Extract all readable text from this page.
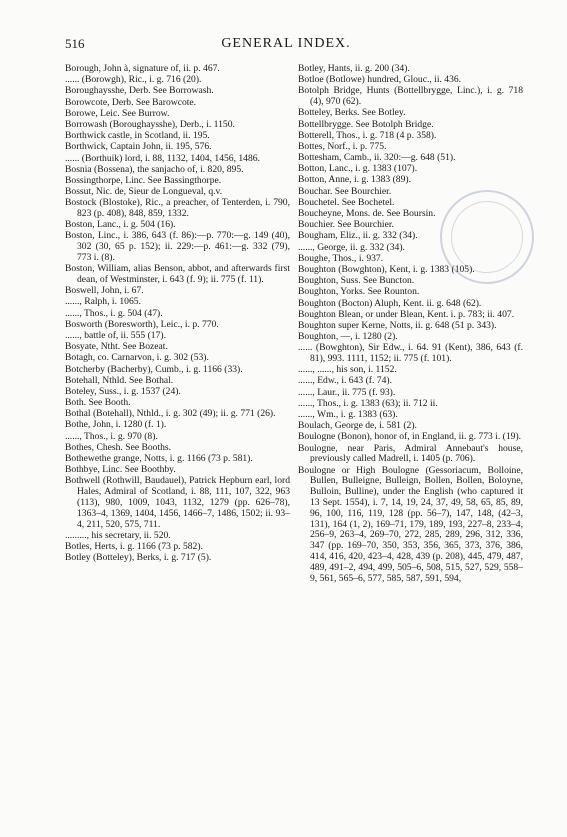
516	GENERAL INDEX.

Borough, John à, signature of, ii. p. 467.

...... (Borowgh), Ric., i. g. 716 (20).

Boroughaysshe, Derb. See Borrowash.

Borowcote, Derb. See Barowcote.

Borowe, Leic. See Burrow.

Borrowash (Boroughaysshe), Derb., i. 1150.

Borthwick castle, in Scotland, ii. 195.

Borthwick, Captain John, ii. 195, 576.

...... (Borthuik) lord, i. 88, 1132, 1404, 1456, 1486.

Bosnia (Bossena), the sanjacho of, i. 820, 895.

Bossingthorpe, Linc. See Bassingthorpe.

Bossut, Nic. de, Sieur de Longueval, q.v.

Bostock (Blostoke), Ric., a preacher, of Tenterden, i. 790, 823 (p. 408), 848, 859, 1332.

Boston, Lanc., i. g. 504 (16).

Boston, Linc., i. 386, 643 (f. 86):—p. 770:—g. 149 (40), 302 (30, 65 p. 152); ii. 229:—p. 461:—g. 332 (79), 773 i. (8).

Boston, William, alias Benson, abbot, and afterwards first dean, of Westminster, i. 643 (f. 9); ii. 775 (f. 11).

Boswell, John, i. 67.

......, Ralph, i. 1065.

......, Thos., i. g. 504 (47).

Bosworth (Boresworth), Leic., i. p. 770.

......, battle of, ii. 555 (17).

Bosyate, Ntht. See Bozeat.

Botagh, co. Carnarvon, i. g. 302 (53).

Botcherby (Bacherby), Cumb., i. g. 1166 (33).

Botehall, Nthld. See Bothal.

Boteley, Suss., i. g. 1537 (24).

Both. See Booth.

Bothal (Botehall), Nthld., i. g. 302 (49); ii. g. 771 (26).

Bothe, John, i. 1280 (f. 1).

......, Thos., i. g. 970 (8).

Bothes, Chesh. See Booths.

Bothewethe grange, Notts, i. g. 1166 (73 p. 581).

Bothbye, Linc. See Boothby.

Bothwell (Rothwill, Baudauel), Patrick Hepburn earl, lord Hales, Admiral of Scotland, i. 88, 111, 107, 322, 963 (113), 980, 1009, 1043, 1132, 1279 (pp. 626–78), 1363–4, 1369, 1404, 1456, 1466–7, 1486, 1502; ii. 93–4, 211, 520, 575, 711.

........., his secretary, ii. 520.

Botles, Herts, i. g. 1166 (73 p. 582).

Botley (Botteley), Berks, i. g. 717 (5).

Botley, Hants, ii. g. 200 (34).

Botloe (Botlowe) hundred, Glouc., ii. 436.

Botolph Bridge, Hunts (Bottellbrygge, Linc.), i. g. 718 (4), 970 (62).

Botteley, Berks. See Botley.

Bottellbrygge. See Botolph Bridge.

Botterell, Thos., i. g. 718 (4 p. 358).

Bottes, Norf., i. p. 775.

Bottesham, Camb., ii. 320:—g. 648 (51).

Botton, Lanc., i. g. 1383 (107).

Botton, Anne, i. g. 1383 (89).

Bouchar. See Bourchier.

Bouchetel. See Bochetel.

Boucheyne, Mons. de. See Boursin.

Bouchier. See Bourchier.

Bougham, Eliz., ii. g. 332 (34).

......, George, ii. g. 332 (34).

Boughe, Thos., i. 937.

Boughton (Bowghton), Kent, i. g. 1383 (105).

Boughton, Suss. See Buncton.

Boughton, Yorks. See Rounton.

Boughton (Bocton) Aluph, Kent. ii. g. 648 (62).

Boughton Blean, or under Blean, Kent. i. p. 783; ii. 407.

Boughton super Kerne, Notts, ii. g. 648 (51 p. 343).

Boughton, —, i. 1280 (2).

...... (Bowghton), Sir Edw., i. 64. 91 (Kent), 386, 643 (f. 81), 993. 1111, 1152; ii. 775 (f. 101).

......, ......, his son, i. 1152.

......, Edw., i. 643 (f. 74).

......, Laur., ii. 775 (f. 93).

......, Thos., i. g. 1383 (63); ii. 712 ii.

......, Wm., i. g. 1383 (63).

Boulach, George de, i. 581 (2).

Boulogne (Bonon), honor of, in England, ii. g. 773 i. (19).

Boulogne, near Paris, Admiral Annebaut's house, previously called Madrell, i. 1405 (p. 706).

Boulogne or High Boulogne (Gessoriacum, Bolloine, Bullen, Bulleigne, Bulleign, Bollen, Bollen, Boloyne, Bulloin, Bulline), under the English (who captured it 13 Sept. 1554), i. 7, 14, 19, 24, 37, 49, 58, 65, 85, 89, 96, 100, 116, 119, 128 (pp. 56–7), 147, 148, (42–3, 131), 164 (1, 2), 169–71, 179, 189, 193, 227–8, 233–4, 256–9, 263–4, 269–70, 272, 285, 289, 296, 312, 336, 347 (pp. 169–70, 350, 353, 356, 365, 373, 376, 386, 414, 416, 420, 423–4, 428, 439 (p. 208), 445, 479, 487, 489, 491–2, 494, 499, 505–6, 508, 515, 527, 529, 558–9, 561, 565–6, 577, 585, 587, 591, 594,
